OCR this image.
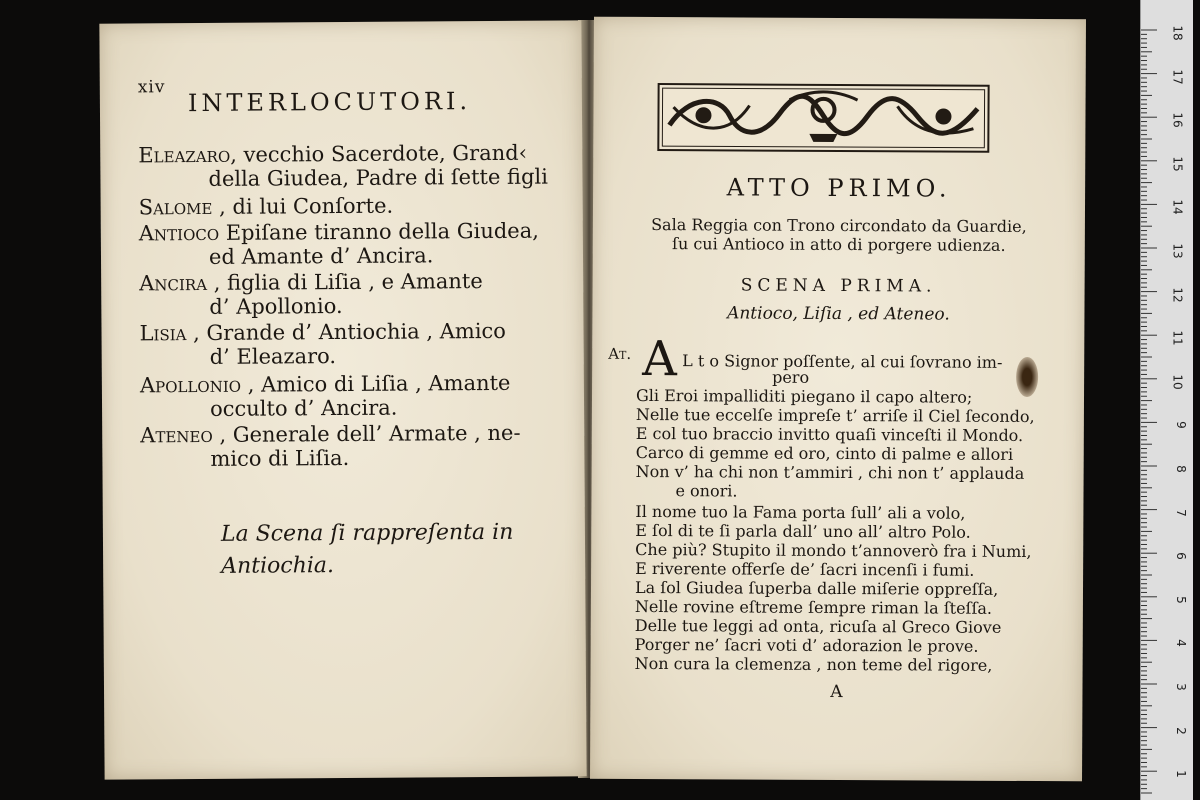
xiv INTERLOCUTORI.
Eleazaro, vecchio Sacerdote, Grand‹
della Giudea, Padre di ſette figli
Salome , di lui Conſorte.
Antioco Epiſane tiranno della Giudea,
ed Amante d’ Ancira.
Ancira , figlia di Liſia , e Amante
d’ Apollonio.
Lisia , Grande d’ Antiochia , Amico
d’ Eleazaro.
Apollonio , Amico di Liſia , Amante
occulto d’ Ancira.
Ateneo , Generale dell’ Armate , ne-
mico di Liſia.
La Scena ſi rappreſenta in Antiochia.
ATTO PRIMO.
Sala Reggia con Trono circondato da Guardie,
ſu cui Antioco in atto di porgere udienza.
SCENA PRIMA.
Antioco, Liſia , ed Ateneo.
At. A L t o Signor poſſente, al cui ſovrano im-
pero
Gli Eroi impalliditi piegano il capo altero;
Nelle tue eccelſe impreſe t’ arriſe il Ciel ſecondo,
E col tuo braccio invitto quaſi vinceſti il Mondo.
Carco di gemme ed oro, cinto di palme e allori
Non v’ ha chi non t’ammiri , chi non t’ applauda
e onori.
Il nome tuo la Fama porta ſull’ ali a volo,
E ſol di te ſi parla dall’ uno all’ altro Polo.
Che più? Stupito il mondo t’annoverò fra i Numi,
E riverente offerſe de’ ſacri incenſi i fumi.
La ſol Giudea ſuperba dalle miſerie oppreſſa,
Nelle rovine eſtreme ſempre riman la ſteſſa.
Delle tue leggi ad onta, ricuſa al Greco Giove
Porger ne’ ſacri voti d’ adorazion le prove.
Non cura la clemenza , non teme del rigore,
A
18
17
16
15
14
13
12
11
10
9
8
7
6
5
4
3
2
1
